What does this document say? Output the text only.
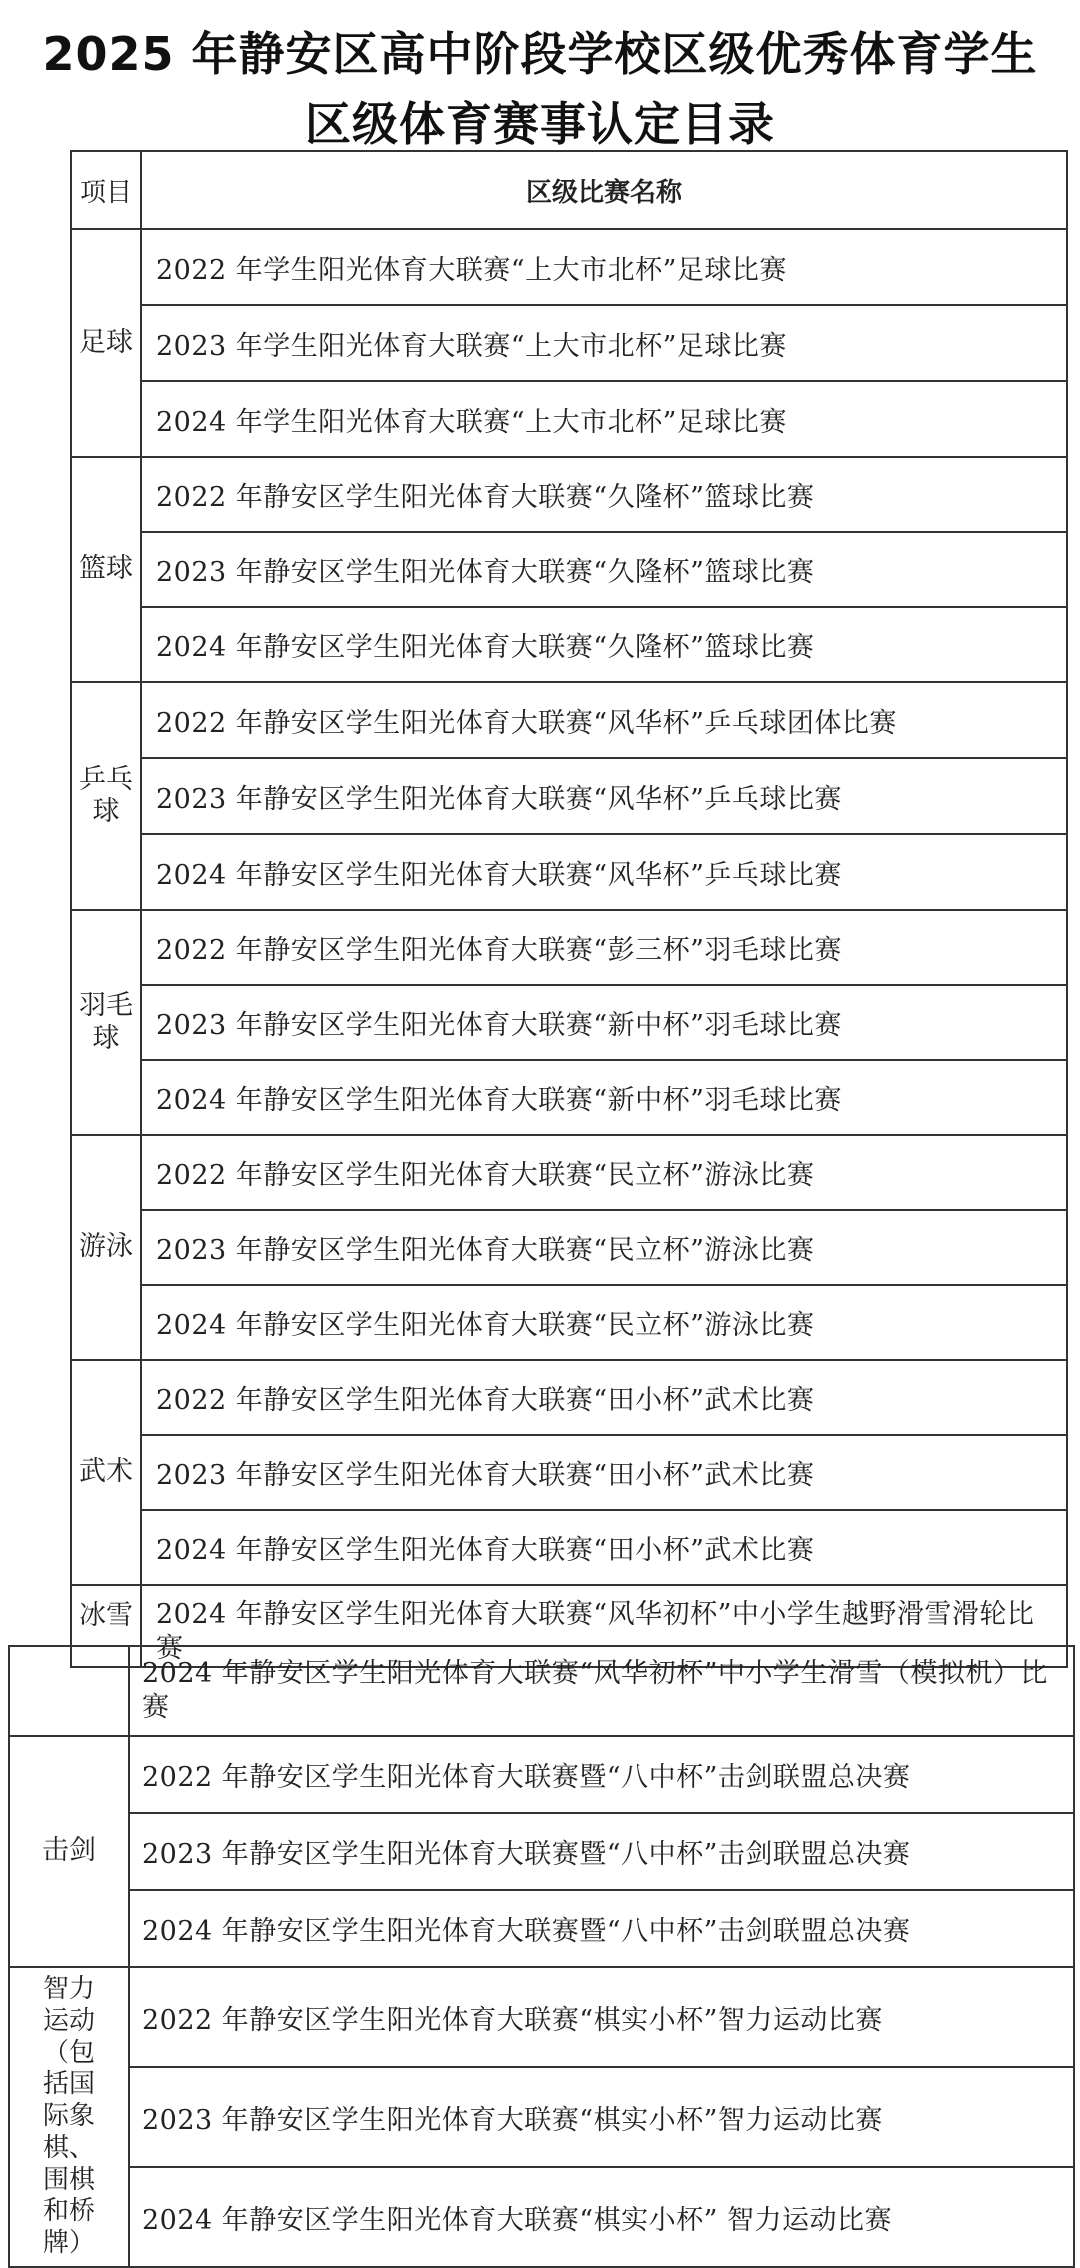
2025 年静安区高中阶段学校区级优秀体育学生
区级体育赛事认定目录
项目	区级比赛名称
足球	2022 年学生阳光体育大联赛“上大市北杯”足球比赛
	2023 年学生阳光体育大联赛“上大市北杯”足球比赛
	2024 年学生阳光体育大联赛“上大市北杯”足球比赛
篮球	2022 年静安区学生阳光体育大联赛“久隆杯”篮球比赛
	2023 年静安区学生阳光体育大联赛“久隆杯”篮球比赛
	2024 年静安区学生阳光体育大联赛“久隆杯”篮球比赛
乒乓球	2022 年静安区学生阳光体育大联赛“风华杯”乒乓球团体比赛
	2023 年静安区学生阳光体育大联赛“风华杯”乒乓球比赛
	2024 年静安区学生阳光体育大联赛“风华杯”乒乓球比赛
羽毛球	2022 年静安区学生阳光体育大联赛“彭三杯”羽毛球比赛
	2023 年静安区学生阳光体育大联赛“新中杯”羽毛球比赛
	2024 年静安区学生阳光体育大联赛“新中杯”羽毛球比赛
游泳	2022 年静安区学生阳光体育大联赛“民立杯”游泳比赛
	2023 年静安区学生阳光体育大联赛“民立杯”游泳比赛
	2024 年静安区学生阳光体育大联赛“民立杯”游泳比赛
武术	2022 年静安区学生阳光体育大联赛“田小杯”武术比赛
	2023 年静安区学生阳光体育大联赛“田小杯”武术比赛
	2024 年静安区学生阳光体育大联赛“田小杯”武术比赛
冰雪	2024 年静安区学生阳光体育大联赛“风华初杯”中小学生越野滑雪滑轮比赛
	2024 年静安区学生阳光体育大联赛“风华初杯”中小学生滑雪（模拟机）比赛
击剑	2022 年静安区学生阳光体育大联赛暨“八中杯”击剑联盟总决赛
	2023 年静安区学生阳光体育大联赛暨“八中杯”击剑联盟总决赛
	2024 年静安区学生阳光体育大联赛暨“八中杯”击剑联盟总决赛
智力运动（包括国际象棋、围棋和桥牌）	2022 年静安区学生阳光体育大联赛“棋实小杯”智力运动比赛
	2023 年静安区学生阳光体育大联赛“棋实小杯”智力运动比赛
	2024 年静安区学生阳光体育大联赛“棋实小杯” 智力运动比赛
